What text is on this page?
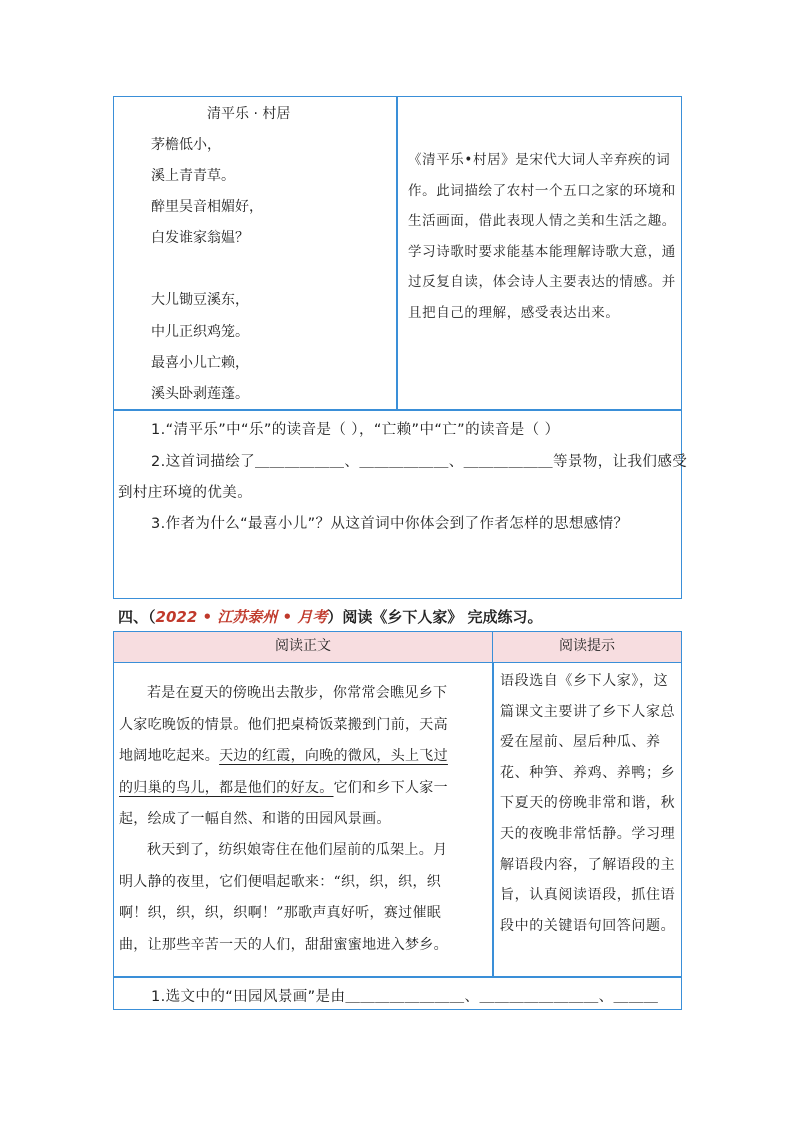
清平乐 · 村居
茅檐低小，
溪上青青草。
醉里吴音相媚好，
白发谁家翁媪？
大儿锄豆溪东，
中儿正织鸡笼。
最喜小儿亡赖，
溪头卧剥莲蓬。
《清平乐•村居》是宋代大词人辛弃疾的词作。此词描绘了农村一个五口之家的环境和生活画面，借此表现人情之美和生活之趣。学习诗歌时要求能基本能理解诗歌大意，通过反复自读，体会诗人主要表达的情感。并且把自己的理解，感受表达出来。
1.“清平乐”中“乐”的读音是（ ），“亡赖”中“亡”的读音是（ ）
2.这首词描绘了＿＿＿＿＿＿、＿＿＿＿＿＿、＿＿＿＿＿＿等景物，让我们感受
到村庄环境的优美。
3.作者为什么“最喜小儿”？从这首词中你体会到了作者怎样的思想感情？
四、（2022 • 江苏泰州 • 月考）阅读《乡下人家》 完成练习。
阅读正文	阅读提示
若是在夏天的傍晚出去散步，你常常会瞧见乡下人家吃晚饭的情景。他们把桌椅饭菜搬到门前，天高地阔地吃起来。天边的红霞，向晚的微风，头上飞过的归巢的鸟儿，都是他们的好友。它们和乡下人家一起，绘成了一幅自然、和谐的田园风景画。
秋天到了，纺织娘寄住在他们屋前的瓜架上。月明人静的夜里，它们便唱起歌来：“织，织，织，织啊！织，织，织，织啊！”那歌声真好听，赛过催眠曲，让那些辛苦一天的人们，甜甜蜜蜜地进入梦乡。
语段选自《乡下人家》，这篇课文主要讲了乡下人家总爱在屋前、屋后种瓜、养花、种笋、养鸡、养鸭；乡下夏天的傍晚非常和谐，秋天的夜晚非常恬静。学习理解语段内容，了解语段的主旨，认真阅读语段，抓住语段中的关键语句回答问题。
1.选文中的“田园风景画”是由＿＿＿＿＿＿＿＿、＿＿＿＿＿＿＿＿、＿＿＿
